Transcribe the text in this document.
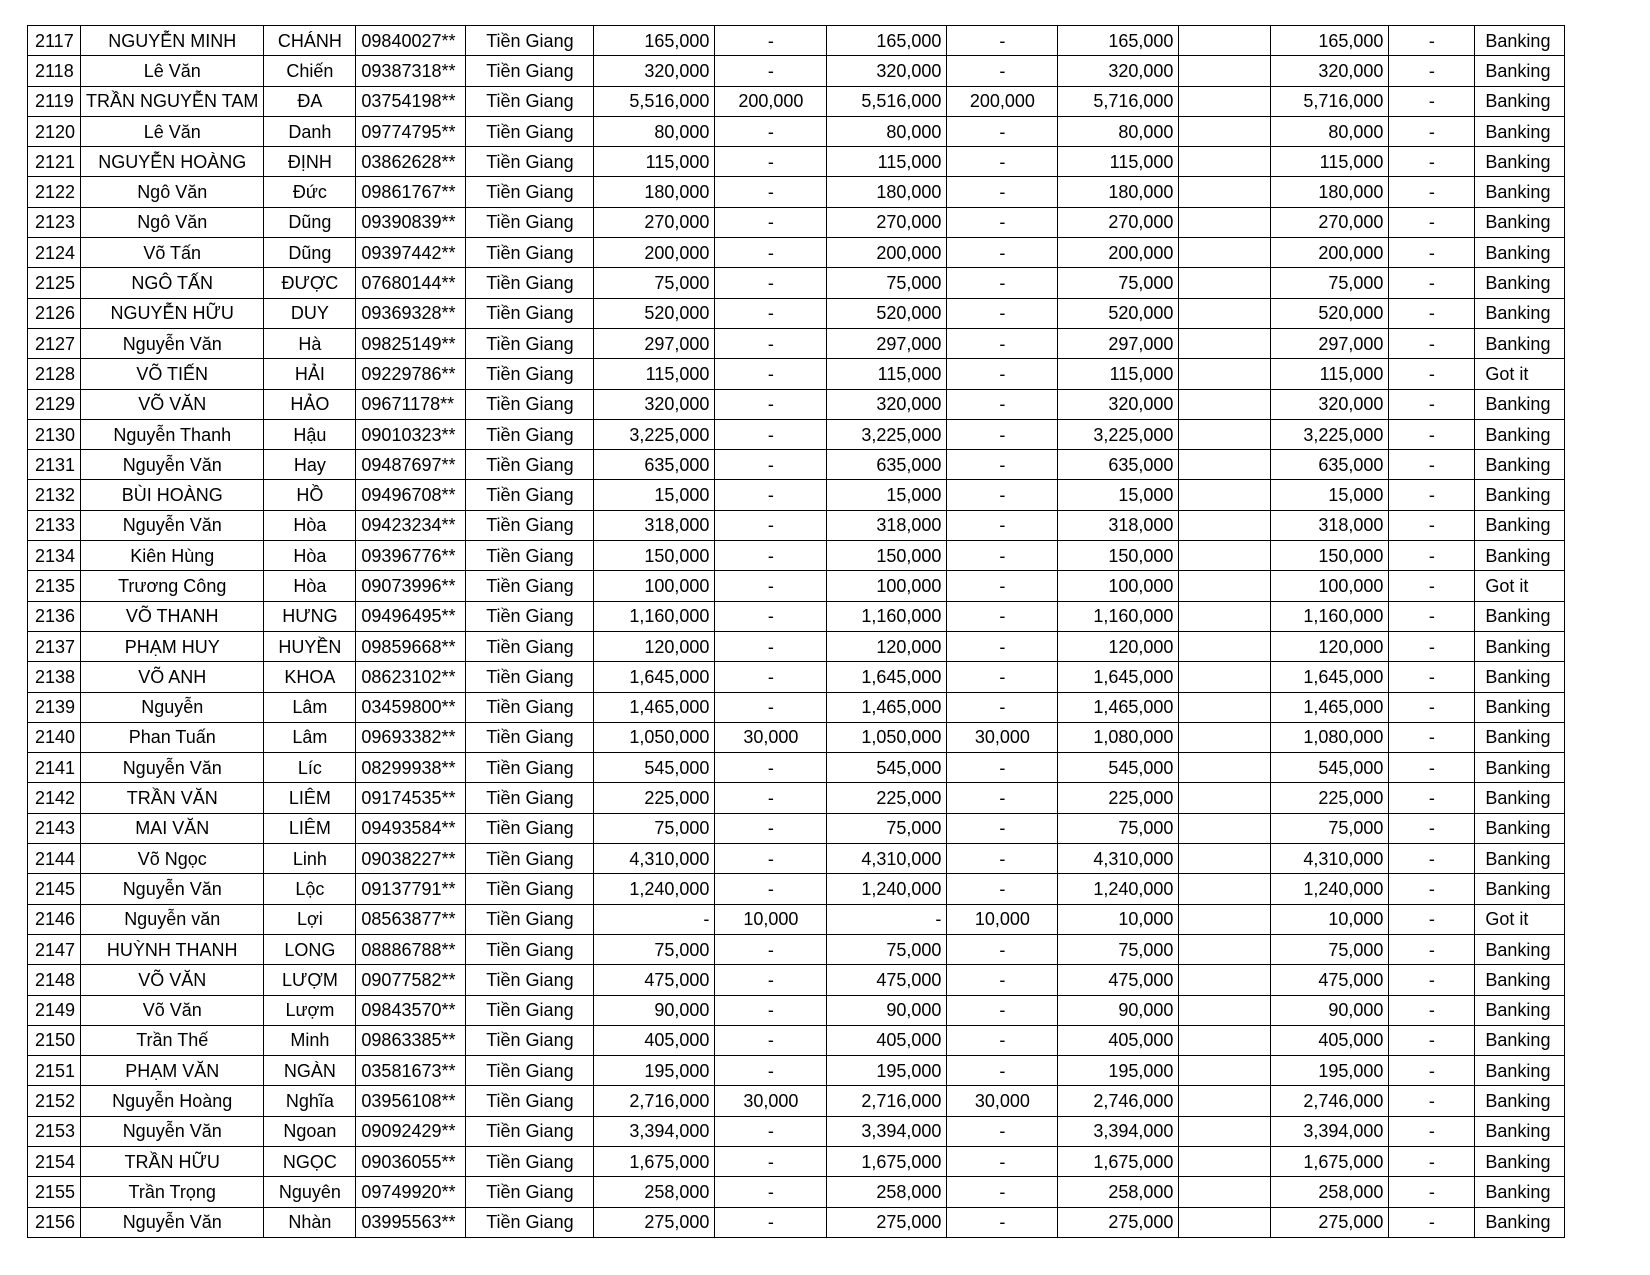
2117	NGUYỄN MINH	CHÁNH	09840027**	Tiền Giang	165,000	-	165,000	-	165,000		165,000	-	Banking
2118	Lê Văn	Chiến	09387318**	Tiền Giang	320,000	-	320,000	-	320,000		320,000	-	Banking
2119	TRẦN NGUYỄN TAM	ĐA	03754198**	Tiền Giang	5,516,000	200,000	5,516,000	200,000	5,716,000		5,716,000	-	Banking
2120	Lê Văn	Danh	09774795**	Tiền Giang	80,000	-	80,000	-	80,000		80,000	-	Banking
2121	NGUYỄN HOÀNG	ĐỊNH	03862628**	Tiền Giang	115,000	-	115,000	-	115,000		115,000	-	Banking
2122	Ngô Văn	Đức	09861767**	Tiền Giang	180,000	-	180,000	-	180,000		180,000	-	Banking
2123	Ngô Văn	Dũng	09390839**	Tiền Giang	270,000	-	270,000	-	270,000		270,000	-	Banking
2124	Võ Tấn	Dũng	09397442**	Tiền Giang	200,000	-	200,000	-	200,000		200,000	-	Banking
2125	NGÔ TẤN	ĐƯỢC	07680144**	Tiền Giang	75,000	-	75,000	-	75,000		75,000	-	Banking
2126	NGUYỄN HỮU	DUY	09369328**	Tiền Giang	520,000	-	520,000	-	520,000		520,000	-	Banking
2127	Nguyễn Văn	Hà	09825149**	Tiền Giang	297,000	-	297,000	-	297,000		297,000	-	Banking
2128	VÕ TIẾN	HẢI	09229786**	Tiền Giang	115,000	-	115,000	-	115,000		115,000	-	Got it
2129	VÕ VĂN	HẢO	09671178**	Tiền Giang	320,000	-	320,000	-	320,000		320,000	-	Banking
2130	Nguyễn Thanh	Hậu	09010323**	Tiền Giang	3,225,000	-	3,225,000	-	3,225,000		3,225,000	-	Banking
2131	Nguyễn Văn	Hay	09487697**	Tiền Giang	635,000	-	635,000	-	635,000		635,000	-	Banking
2132	BÙI HOÀNG	HỒ	09496708**	Tiền Giang	15,000	-	15,000	-	15,000		15,000	-	Banking
2133	Nguyễn Văn	Hòa	09423234**	Tiền Giang	318,000	-	318,000	-	318,000		318,000	-	Banking
2134	Kiên Hùng	Hòa	09396776**	Tiền Giang	150,000	-	150,000	-	150,000		150,000	-	Banking
2135	Trương Công	Hòa	09073996**	Tiền Giang	100,000	-	100,000	-	100,000		100,000	-	Got it
2136	VÕ THANH	HƯNG	09496495**	Tiền Giang	1,160,000	-	1,160,000	-	1,160,000		1,160,000	-	Banking
2137	PHẠM HUY	HUYỀN	09859668**	Tiền Giang	120,000	-	120,000	-	120,000		120,000	-	Banking
2138	VÕ ANH	KHOA	08623102**	Tiền Giang	1,645,000	-	1,645,000	-	1,645,000		1,645,000	-	Banking
2139	Nguyễn	Lâm	03459800**	Tiền Giang	1,465,000	-	1,465,000	-	1,465,000		1,465,000	-	Banking
2140	Phan Tuấn	Lâm	09693382**	Tiền Giang	1,050,000	30,000	1,050,000	30,000	1,080,000		1,080,000	-	Banking
2141	Nguyễn Văn	Líc	08299938**	Tiền Giang	545,000	-	545,000	-	545,000		545,000	-	Banking
2142	TRẦN VĂN	LIÊM	09174535**	Tiền Giang	225,000	-	225,000	-	225,000		225,000	-	Banking
2143	MAI VĂN	LIÊM	09493584**	Tiền Giang	75,000	-	75,000	-	75,000		75,000	-	Banking
2144	Võ Ngọc	Linh	09038227**	Tiền Giang	4,310,000	-	4,310,000	-	4,310,000		4,310,000	-	Banking
2145	Nguyễn Văn	Lộc	09137791**	Tiền Giang	1,240,000	-	1,240,000	-	1,240,000		1,240,000	-	Banking
2146	Nguyễn văn	Lợi	08563877**	Tiền Giang	-	10,000	-	10,000	10,000		10,000	-	Got it
2147	HUỲNH THANH	LONG	08886788**	Tiền Giang	75,000	-	75,000	-	75,000		75,000	-	Banking
2148	VÕ VĂN	LƯỢM	09077582**	Tiền Giang	475,000	-	475,000	-	475,000		475,000	-	Banking
2149	Võ Văn	Lượm	09843570**	Tiền Giang	90,000	-	90,000	-	90,000		90,000	-	Banking
2150	Trần Thế	Minh	09863385**	Tiền Giang	405,000	-	405,000	-	405,000		405,000	-	Banking
2151	PHẠM VĂN	NGÀN	03581673**	Tiền Giang	195,000	-	195,000	-	195,000		195,000	-	Banking
2152	Nguyễn Hoàng	Nghĩa	03956108**	Tiền Giang	2,716,000	30,000	2,716,000	30,000	2,746,000		2,746,000	-	Banking
2153	Nguyễn Văn	Ngoan	09092429**	Tiền Giang	3,394,000	-	3,394,000	-	3,394,000		3,394,000	-	Banking
2154	TRẦN HỮU	NGỌC	09036055**	Tiền Giang	1,675,000	-	1,675,000	-	1,675,000		1,675,000	-	Banking
2155	Trần Trọng	Nguyên	09749920**	Tiền Giang	258,000	-	258,000	-	258,000		258,000	-	Banking
2156	Nguyễn Văn	Nhàn	03995563**	Tiền Giang	275,000	-	275,000	-	275,000		275,000	-	Banking
